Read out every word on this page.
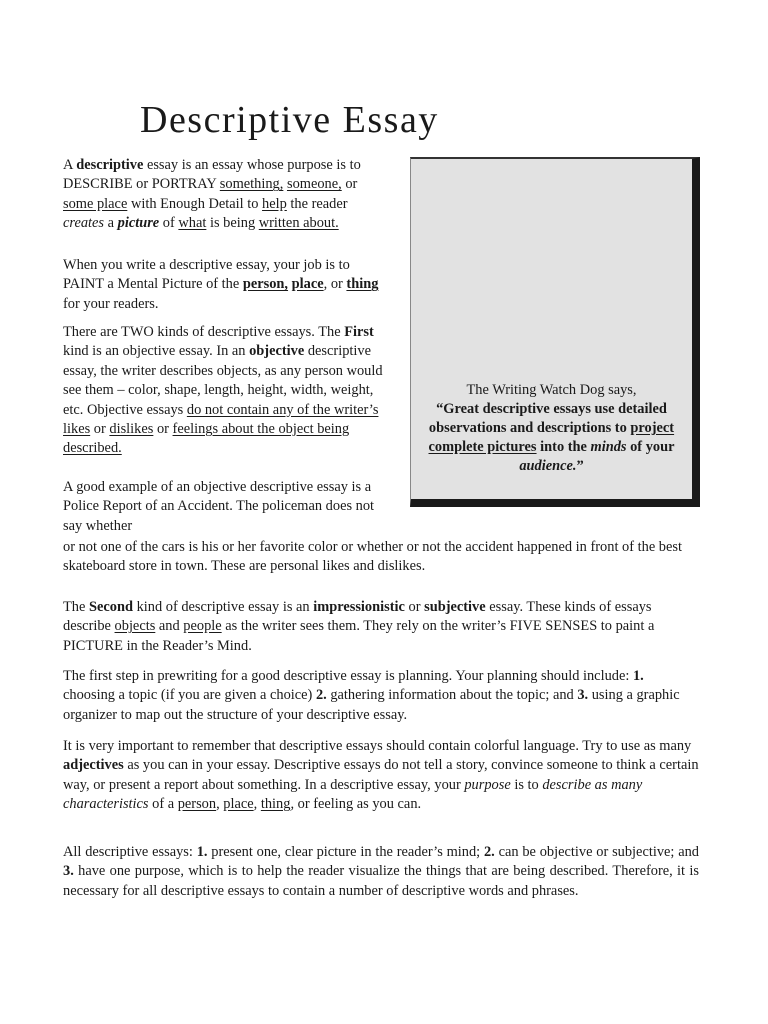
Descriptive Essay

A descriptive essay is an essay whose purpose is to DESCRIBE or PORTRAY something, someone, or some place with Enough Detail to help the reader creates a picture of what is being written about.

When you write a descriptive essay, your job is to PAINT a Mental Picture of the person, place, or thing for your readers.

There are TWO kinds of descriptive essays. The First kind is an objective essay. In an objective descriptive essay, the writer describes objects, as any person would see them – color, shape, length, height, width, weight, etc. Objective essays do not contain any of the writer’s likes or dislikes or feelings about the object being described.

A good example of an objective descriptive essay is a Police Report of an Accident. The policeman does not say whether

or not one of the cars is his or her favorite color or whether or not the accident happened in front of the best skateboard store in town. These are personal likes and dislikes.

The Second kind of descriptive essay is an impressionistic or subjective essay. These kinds of essays describe objects and people as the writer sees them. They rely on the writer’s FIVE SENSES to paint a PICTURE in the Reader’s Mind.

The first step in prewriting for a good descriptive essay is planning. Your planning should include: 1. choosing a topic (if you are given a choice) 2. gathering information about the topic; and 3. using a graphic organizer to map out the structure of your descriptive essay.

It is very important to remember that descriptive essays should contain colorful language. Try to use as many adjectives as you can in your essay. Descriptive essays do not tell a story, convince someone to think a certain way, or present a report about something. In a descriptive essay, your purpose is to describe as many characteristics of a person, place, thing, or feeling as you can.

All descriptive essays: 1. present one, clear picture in the reader’s mind; 2. can be objective or subjective; and 3. have one purpose, which is to help the reader visualize the things that are being described. Therefore, it is necessary for all descriptive essays to contain a number of descriptive words and phrases.

The Writing Watch Dog says,
“Great descriptive essays use detailed observations and descriptions to project complete pictures into the minds of your audience.”
